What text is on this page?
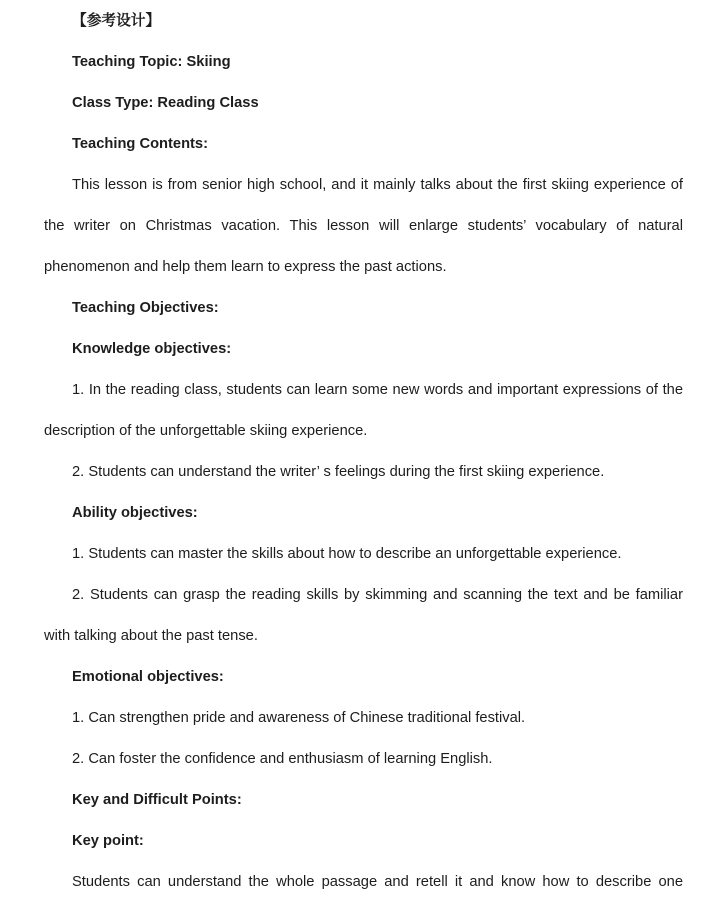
【参考设计】

Teaching Topic: Skiing

Class Type: Reading Class

Teaching Contents:

This lesson is from senior high school, and it mainly talks about the first skiing experience of the writer on Christmas vacation. This lesson will enlarge students’ vocabulary of natural phenomenon and help them learn to express the past actions.

Teaching Objectives:

Knowledge objectives:

1. In the reading class, students can learn some new words and important expressions of the description of the unforgettable skiing experience.

2. Students can understand the writer’ s feelings during the first skiing experience.

Ability objectives:

1. Students can master the skills about how to describe an unforgettable experience.

2. Students can grasp the reading skills by skimming and scanning the text and be familiar with talking about the past tense.

Emotional objectives:

1. Can strengthen pride and awareness of Chinese traditional festival.

2. Can foster the confidence and enthusiasm of learning English.

Key and Difficult Points:

Key point:

Students can understand the whole passage and retell it and know how to describe one
